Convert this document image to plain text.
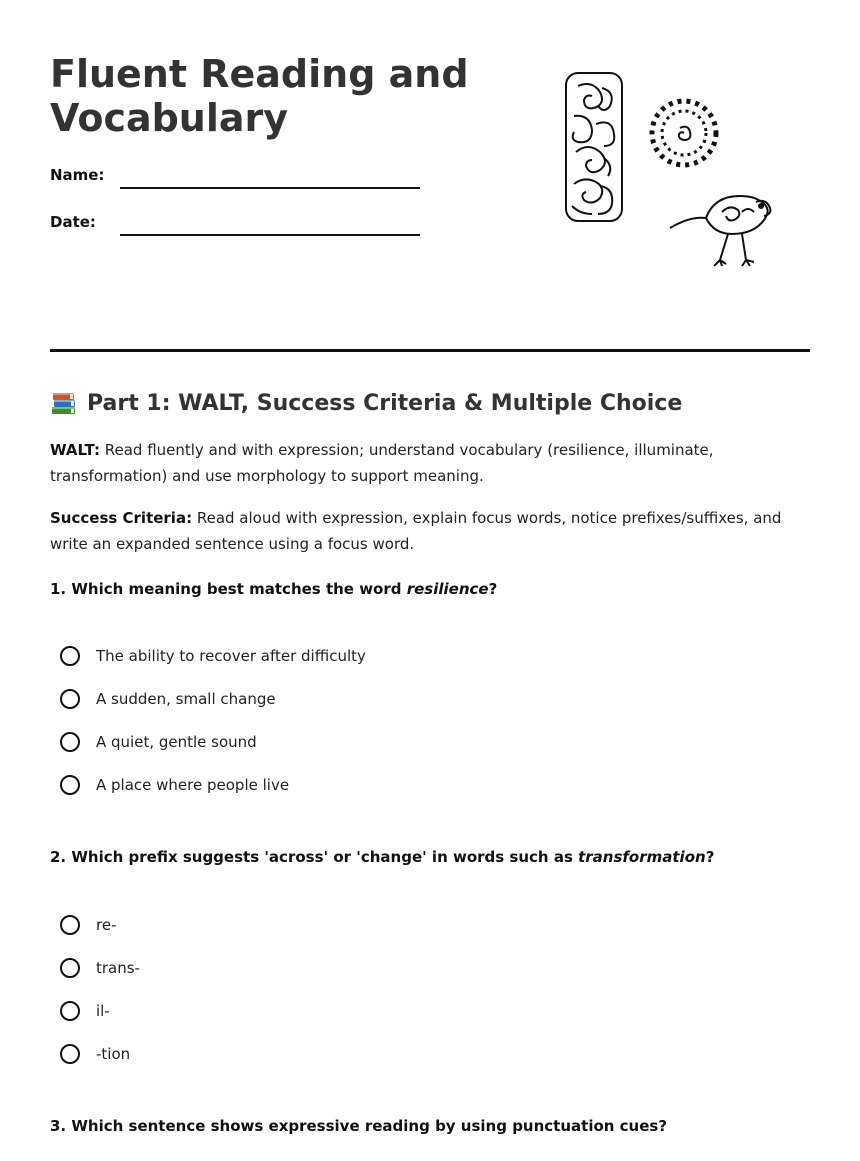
Fluent Reading and Vocabulary
Name:
Date:
Part 1: WALT, Success Criteria & Multiple Choice

WALT: Read fluently and with expression; understand vocabulary (resilience, illuminate, transformation) and use morphology to support meaning.

Success Criteria: Read aloud with expression, explain focus words, notice prefixes/suffixes, and write an expanded sentence using a focus word.

1. Which meaning best matches the word resilience?

The ability to recover after difficulty
A sudden, small change
A quiet, gentle sound
A place where people live

2. Which prefix suggests 'across' or 'change' in words such as transformation?

re-
trans-
il-
-tion

3. Which sentence shows expressive reading by using punctuation cues?
